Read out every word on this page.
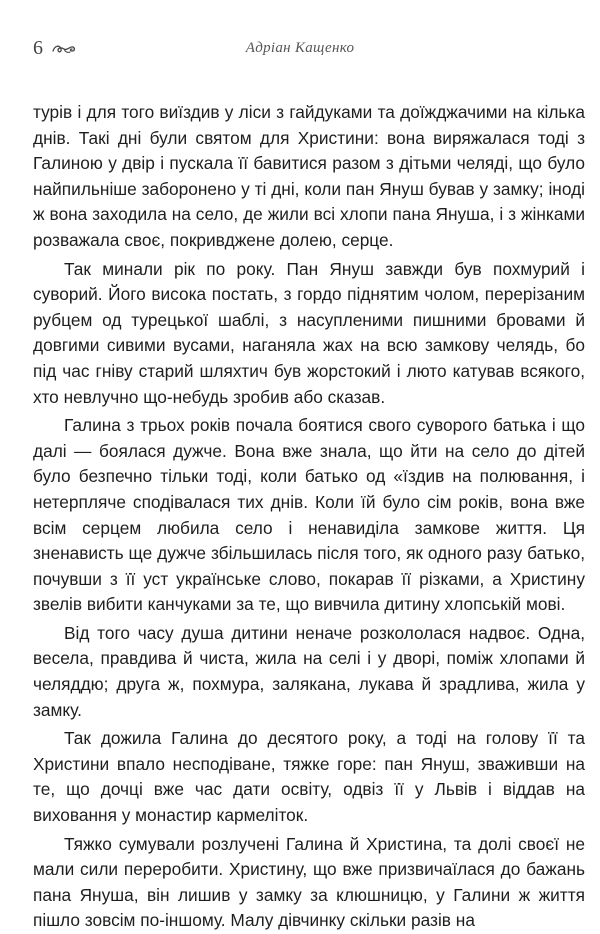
6	Адріан Кащенко

турів і для того виїздив у ліси з гайдуками та доїжджачими на кілька днів. Такі дні були святом для Христини: вона виряжалася тоді з Галиною у двір і пускала її бавитися разом з дітьми челяді, що було найпильніше заборонено у ті дні, коли пан Януш бував у замку; іноді ж вона заходила на село, де жили всі хлопи пана Януша, і з жінками розважала своє, покривджене долею, серце.

Так минали рік по року. Пан Януш завжди був похмурий і суворий. Його висока постать, з гордо піднятим чолом, перерізаним рубцем од турецької шаблі, з насупленими пишними бровами й довгими сивими вусами, наганяла жах на всю замкову челядь, бо під час гніву старий шляхтич був жорстокий і люто катував всякого, хто невлучно що-небудь зробив або сказав.

Галина з трьох років почала боятися свого суворого батька і що далі — боялася дужче. Вона вже знала, що йти на село до дітей було безпечно тільки тоді, коли батько од «їздив на полювання, і нетерпляче сподівалася тих днів. Коли їй було сім років, вона вже всім серцем любила село і ненавиділа замкове життя. Ця зненависть ще дужче збільшилась після того, як одного разу батько, почувши з її уст українське слово, покарав її різками, а Христину звелів вибити канчуками за те, що вивчила дитину хлопській мові.

Від того часу душа дитини неначе розкололася надвоє. Одна, весела, правдива й чиста, жила на селі і у дворі, поміж хлопами й челяддю; друга ж, похмура, залякана, лукава й зрадлива, жила у замку.

Так дожила Галина до десятого року, а тоді на голову її та Христини впало несподіване, тяжке горе: пан Януш, зваживши на те, що дочці вже час дати освіту, одвіз її у Львів і віддав на виховання у монастир кармеліток.

Тяжко сумували розлучені Галина й Христина, та долі своєї не мали сили переробити. Христину, що вже призвичаїлася до бажань пана Януша, він лишив у замку за клюшницю, у Галини ж життя пішло зовсім по-іншому. Малу дівчинку скільки разів на
